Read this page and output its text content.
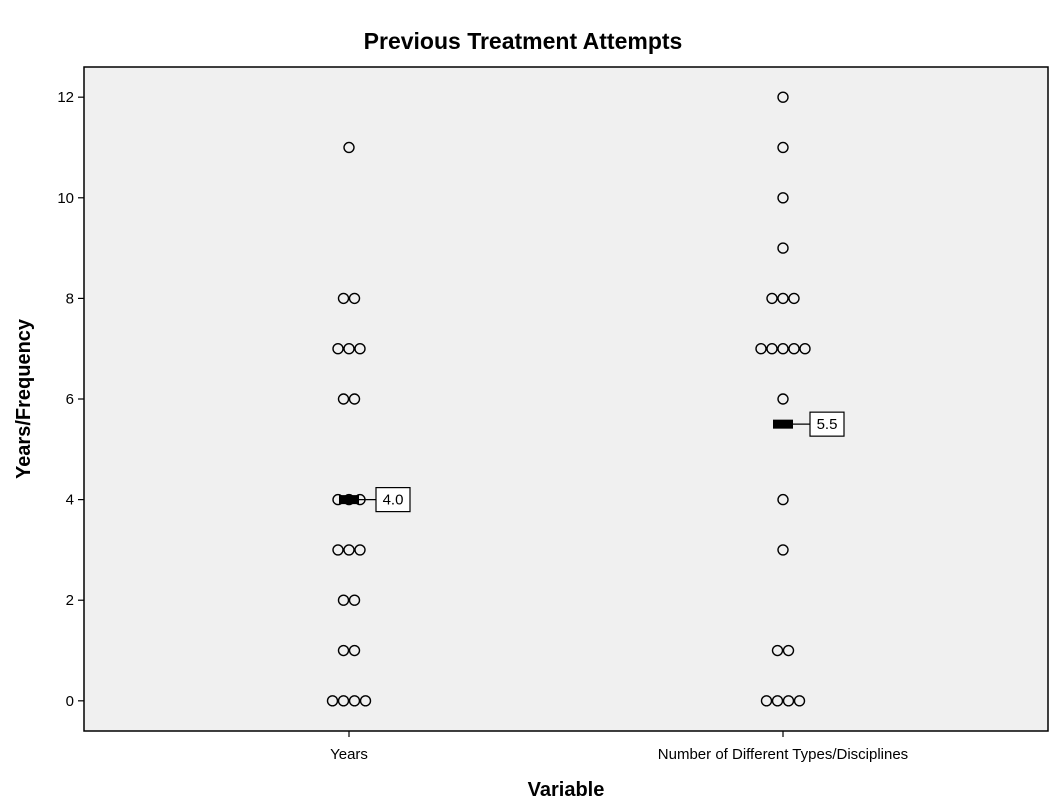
Previous Treatment Attempts
0
2
4
6
8
10
12
Years	Number of Different Types/Disciplines
4.0
5.5
Years/Frequency
Variable
